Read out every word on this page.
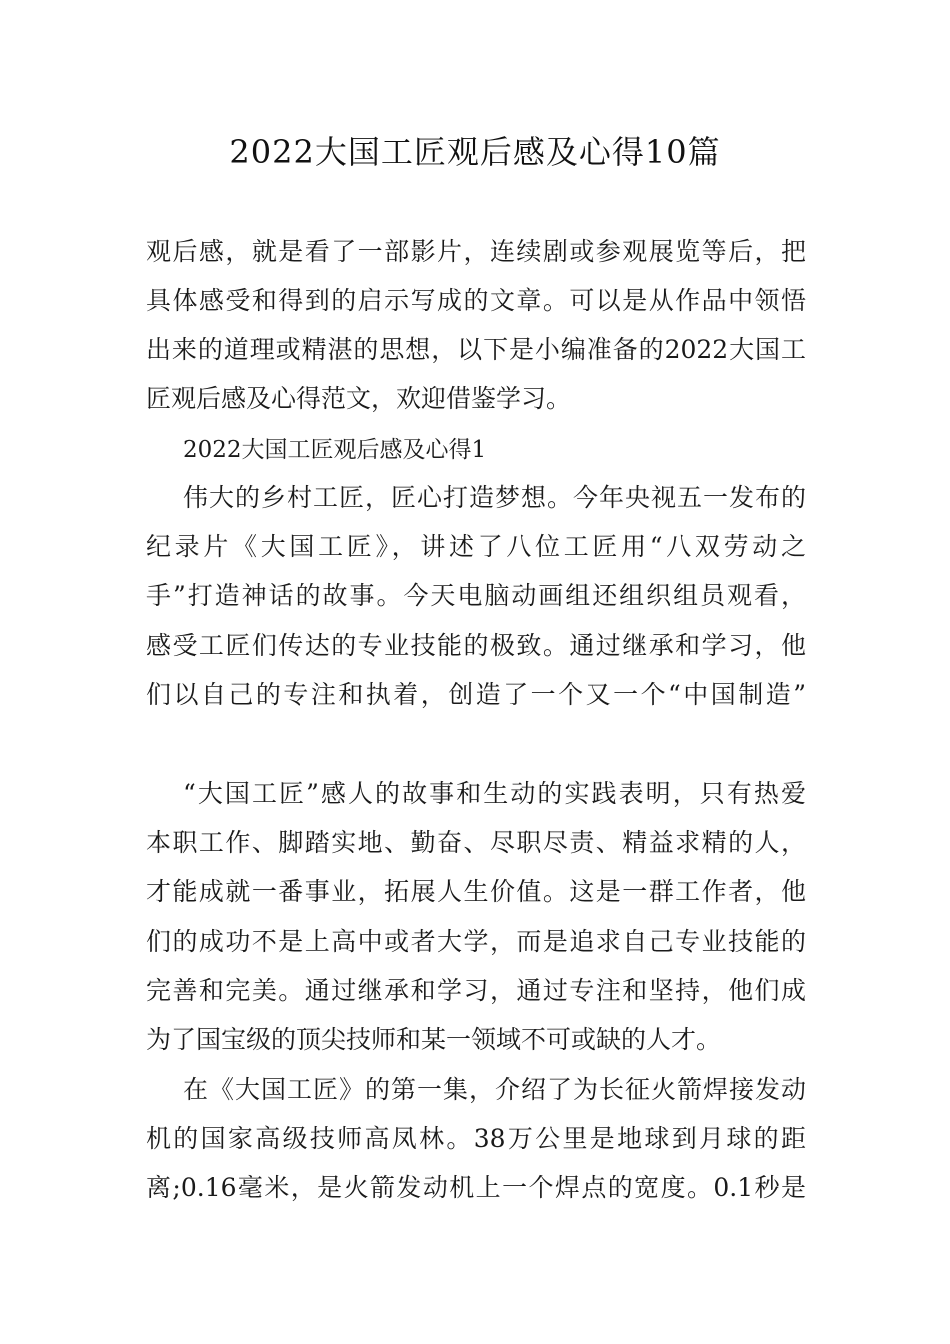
2022大国工匠观后感及心得10篇
观后感，就是看了一部影片，连续剧或参观展览等后，把
具体感受和得到的启示写成的文章。可以是从作品中领悟
出来的道理或精湛的思想，以下是小编准备的2022大国工
匠观后感及心得范文，欢迎借鉴学习。
2022大国工匠观后感及心得1
伟大的乡村工匠，匠心打造梦想。今年央视五一发布的
纪录片《大国工匠》，讲述了八位工匠用“八双劳动之
手”打造神话的故事。今天电脑动画组还组织组员观看，
感受工匠们传达的专业技能的极致。通过继承和学习，他
们以自己的专注和执着，创造了一个又一个“中国制造”
“大国工匠”感人的故事和生动的实践表明，只有热爱
本职工作、脚踏实地、勤奋、尽职尽责、精益求精的人，
才能成就一番事业，拓展人生价值。这是一群工作者，他
们的成功不是上高中或者大学，而是追求自己专业技能的
完善和完美。通过继承和学习，通过专注和坚持，他们成
为了国宝级的顶尖技师和某一领域不可或缺的人才。
在《大国工匠》的第一集，介绍了为长征火箭焊接发动
机的国家高级技师高凤林。38万公里是地球到月球的距
离;0.16毫米，是火箭发动机上一个焊点的宽度。0.1秒是
